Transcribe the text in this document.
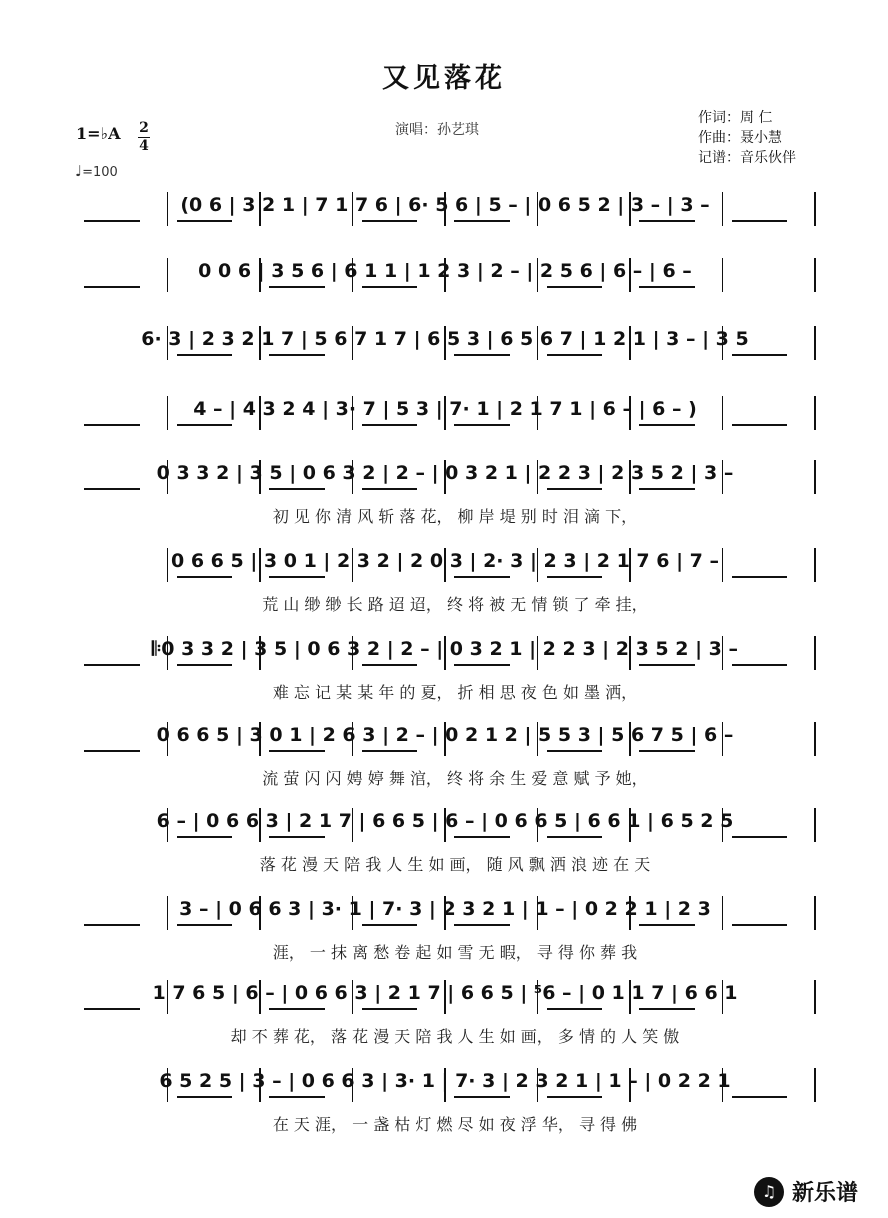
又见落花
演唱：孙艺琪
作词：周 仁
作曲：聂小慧
记谱：音乐伙伴
1=♭A 2
4
♩=100
(0 6 | 3 2 1 | 7 1 7 6 | 6· 5 6 | 5 – | 0 6 5 2 | 3 – | 3 –
0 0 6 | 3 5 6 | 6 1 1 | 1 2 3 | 2 – | 2 5 6 | 6 – | 6 –
6· 3 | 2 3 2 1 7 | 5 6 7 1 7 | 6 5 3 | 6 5 6 7 | 1 2 1 | 3 – | 3 5
4 – | 4 3 2 4 | 3· 7 | 5 3 | 7· 1 | 2 1 7 1 | 6 – | 6 – )
0 3 3 2 | 3 5 | 0 6 3 2 | 2 – | 0 3 2 1 | 2 2 3 | 2 3 5 2 | 3 –
初 见 你 清 风 斩 落 花， 柳 岸 堤 别 时 泪 滴 下，
0 6 6 5 | 3 0 1 | 2 3 2 | 2 0 3 | 2· 3 | 2 3 | 2 1 7 6 | 7 –
荒 山 缈 缈 长 路 迢 迢， 终 将 被 无 情 锁 了 牵 挂，
𝄆0 3 3 2 | 3 5 | 0 6 3 2 | 2 – | 0 3 2 1 | 2 2 3 | 2 3 5 2 | 3 –
难 忘 记 某 某 年 的 夏， 折 相 思 夜 色 如 墨 洒，
0 6 6 5 | 3 0 1 | 2 6 3 | 2 – | 0 2 1 2 | 5 5 3 | 5 6 7 5 | 6 –
流 萤 闪 闪 娉 婷 舞 涫， 终 将 余 生 爱 意 赋 予 她，
6 – | 0 6 6 3 | 2 1 7 | 6 6 5 | 6 – | 0 6 6 5 | 6 6 1 | 6 5 2 5
落 花 漫 天 陪 我 人 生 如 画， 随 风 飘 洒 浪 迹 在 天
3 – | 0 6 6 3 | 3· 1 | 7· 3 | 2 3 2 1 | 1 – | 0 2 2 1 | 2 3
涯， 一 抹 离 愁 卷 起 如 雪 无 暇， 寻 得 你 葬 我
1 7 6 5 | 6 – | 0 6 6 3 | 2 1 7 | 6 6 5 | ⁵6 – | 0 1 1 7 | 6 6 1
却 不 葬 花， 落 花 漫 天 陪 我 人 生 如 画， 多 情 的 人 笑 傲
6 5 2 5 | 3 – | 0 6 6 3 | 3· 1 | 7· 3 | 2 3 2 1 | 1 – | 0 2 2 1
在 天 涯， 一 盏 枯 灯 燃 尽 如 夜 浮 华， 寻 得 佛
♫ 新乐谱
